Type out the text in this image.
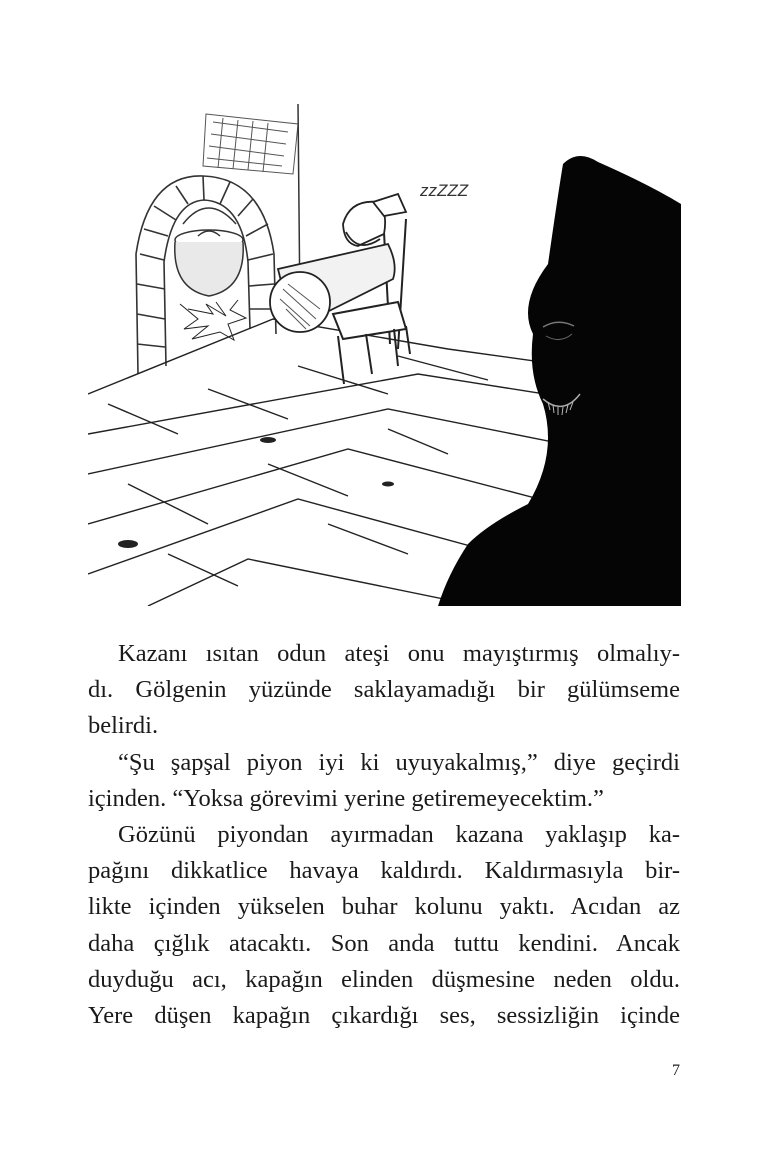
zzZZZ

Kazanı ısıtan odun ateşi onu mayıştırmış olmalıy-
dı. Gölgenin yüzünde saklayamadığı bir gülümseme
belirdi.

“Şu şapşal piyon iyi ki uyuyakalmış,” diye geçirdi
içinden. “Yoksa görevimi yerine getiremeyecektim.”

Gözünü piyondan ayırmadan kazana yaklaşıp ka-
pağını dikkatlice havaya kaldırdı. Kaldırmasıyla bir-
likte içinden yükselen buhar kolunu yaktı. Acıdan az
daha çığlık atacaktı. Son anda tuttu kendini. Ancak
duyduğu acı, kapağın elinden düşmesine neden oldu.
Yere düşen kapağın çıkardığı ses, sessizliğin içinde

7
